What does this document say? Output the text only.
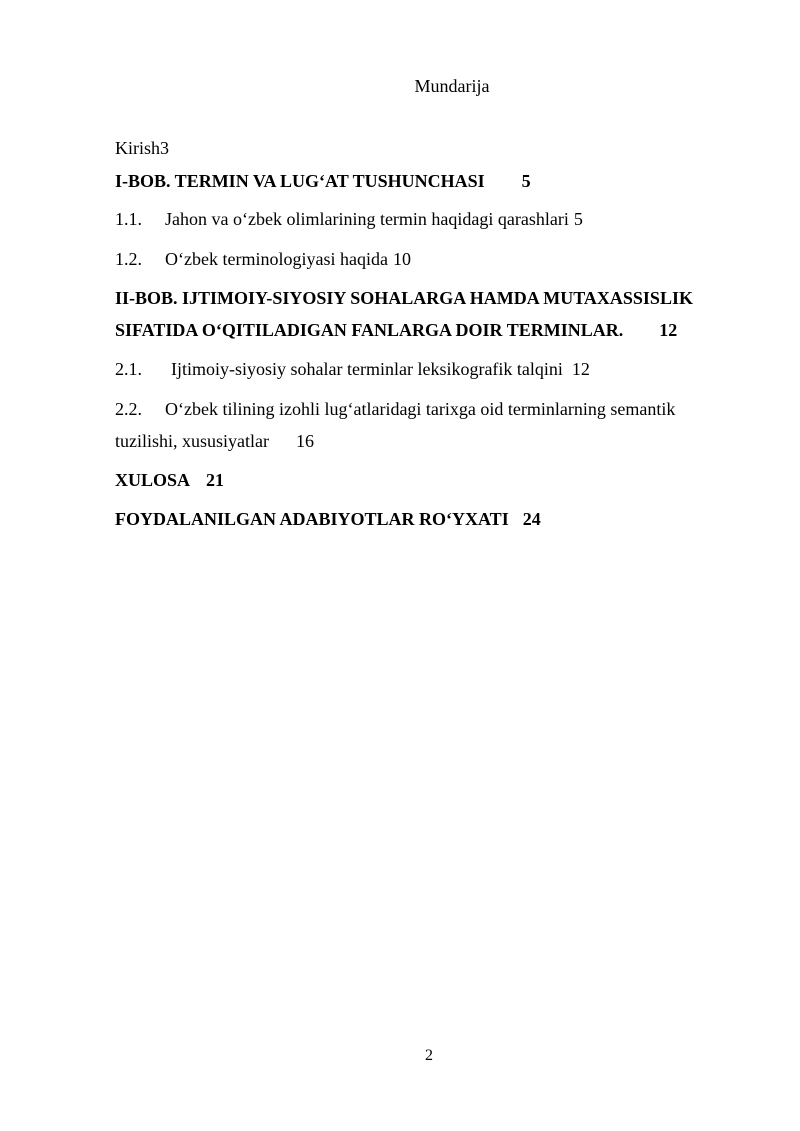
Mundarija
Kirish3
I-BOB. TERMIN VA LUG‘AT TUSHUNCHASI 5
1.1. Jahon va o‘zbek olimlarining termin haqidagi qarashlari 5
1.2. O‘zbek terminologiyasi haqida 10
II-BOB. IJTIMOIY-SIYOSIY SOHALARGA HAMDA MUTAXASSISLIK
SIFATIDA O‘QITILADIGAN FANLARGA DOIR TERMINLAR. 12
2.1. Ijtimoiy-siyosiy sohalar terminlar leksikografik talqini 12
2.2. O‘zbek tilining izohli lug‘atlaridagi tarixga oid terminlarning semantik
tuzilishi, xususiyatlar 16
XULOSA 21
FOYDALANILGAN ADABIYOTLAR RO‘YXATI 24
2
